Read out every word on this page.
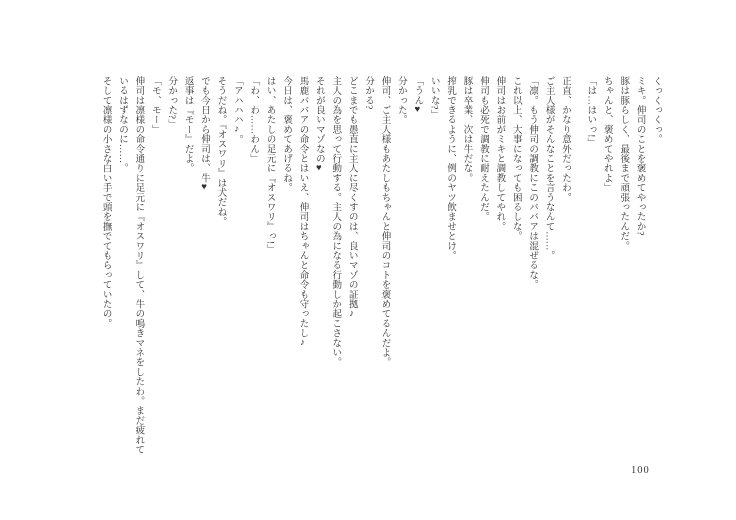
くっくっくっ。
ミキ。伸司のことを褒めてやったか?
豚は豚らしく、最後まで頑張ったんだ。
ちゃんと、褒めてやれよ」
「は…はいっ!」
正直、かなり意外だったわ。
ご主人様がそんなことを言うなんて……。
「凛。もう伸司の調教にこのババアは混ぜるな。
これ以上、大事になっても困るしな。
伸司はお前がミキと調教してやれ。
伸司も必死で調教に耐えたんだ。
豚は卒業、次は牛だな。
搾乳できるように、例のヤツ飲ませとけ。
いいな?」
「うん♥
分かった。
伸司、ご主人様もあたしもちゃんと伸司のコトを褒めてるんだよ。
分かる?
どこまでも愚直に主人に尽くすのは、良いマゾの証拠♪
主人の為を思って行動する。主人の為になる行動しか起こさない。
それが良いマゾなの♥
馬鹿ババアの命令とはいえ、伸司はちゃんと命令も守ったし♪
今日は、褒めてあげるね。
はい、あたしの足元に『オスワリ』っ!」
「わ、わ……わん」
「アハハハ♪。
そうだね。『オスワリ』は犬だね。
でも今日から伸司は、牛♥
返事は『モー』だよ。
分かった?」
「モ、モー」
伸司は凛様の命令通りに足元に『オスワリ』して、牛の鳴きマネをしたわ。まだ疲れて
いるはずなのに……。
そして凛様の小さな白い手で頭を撫でてもらっていたの。
100
